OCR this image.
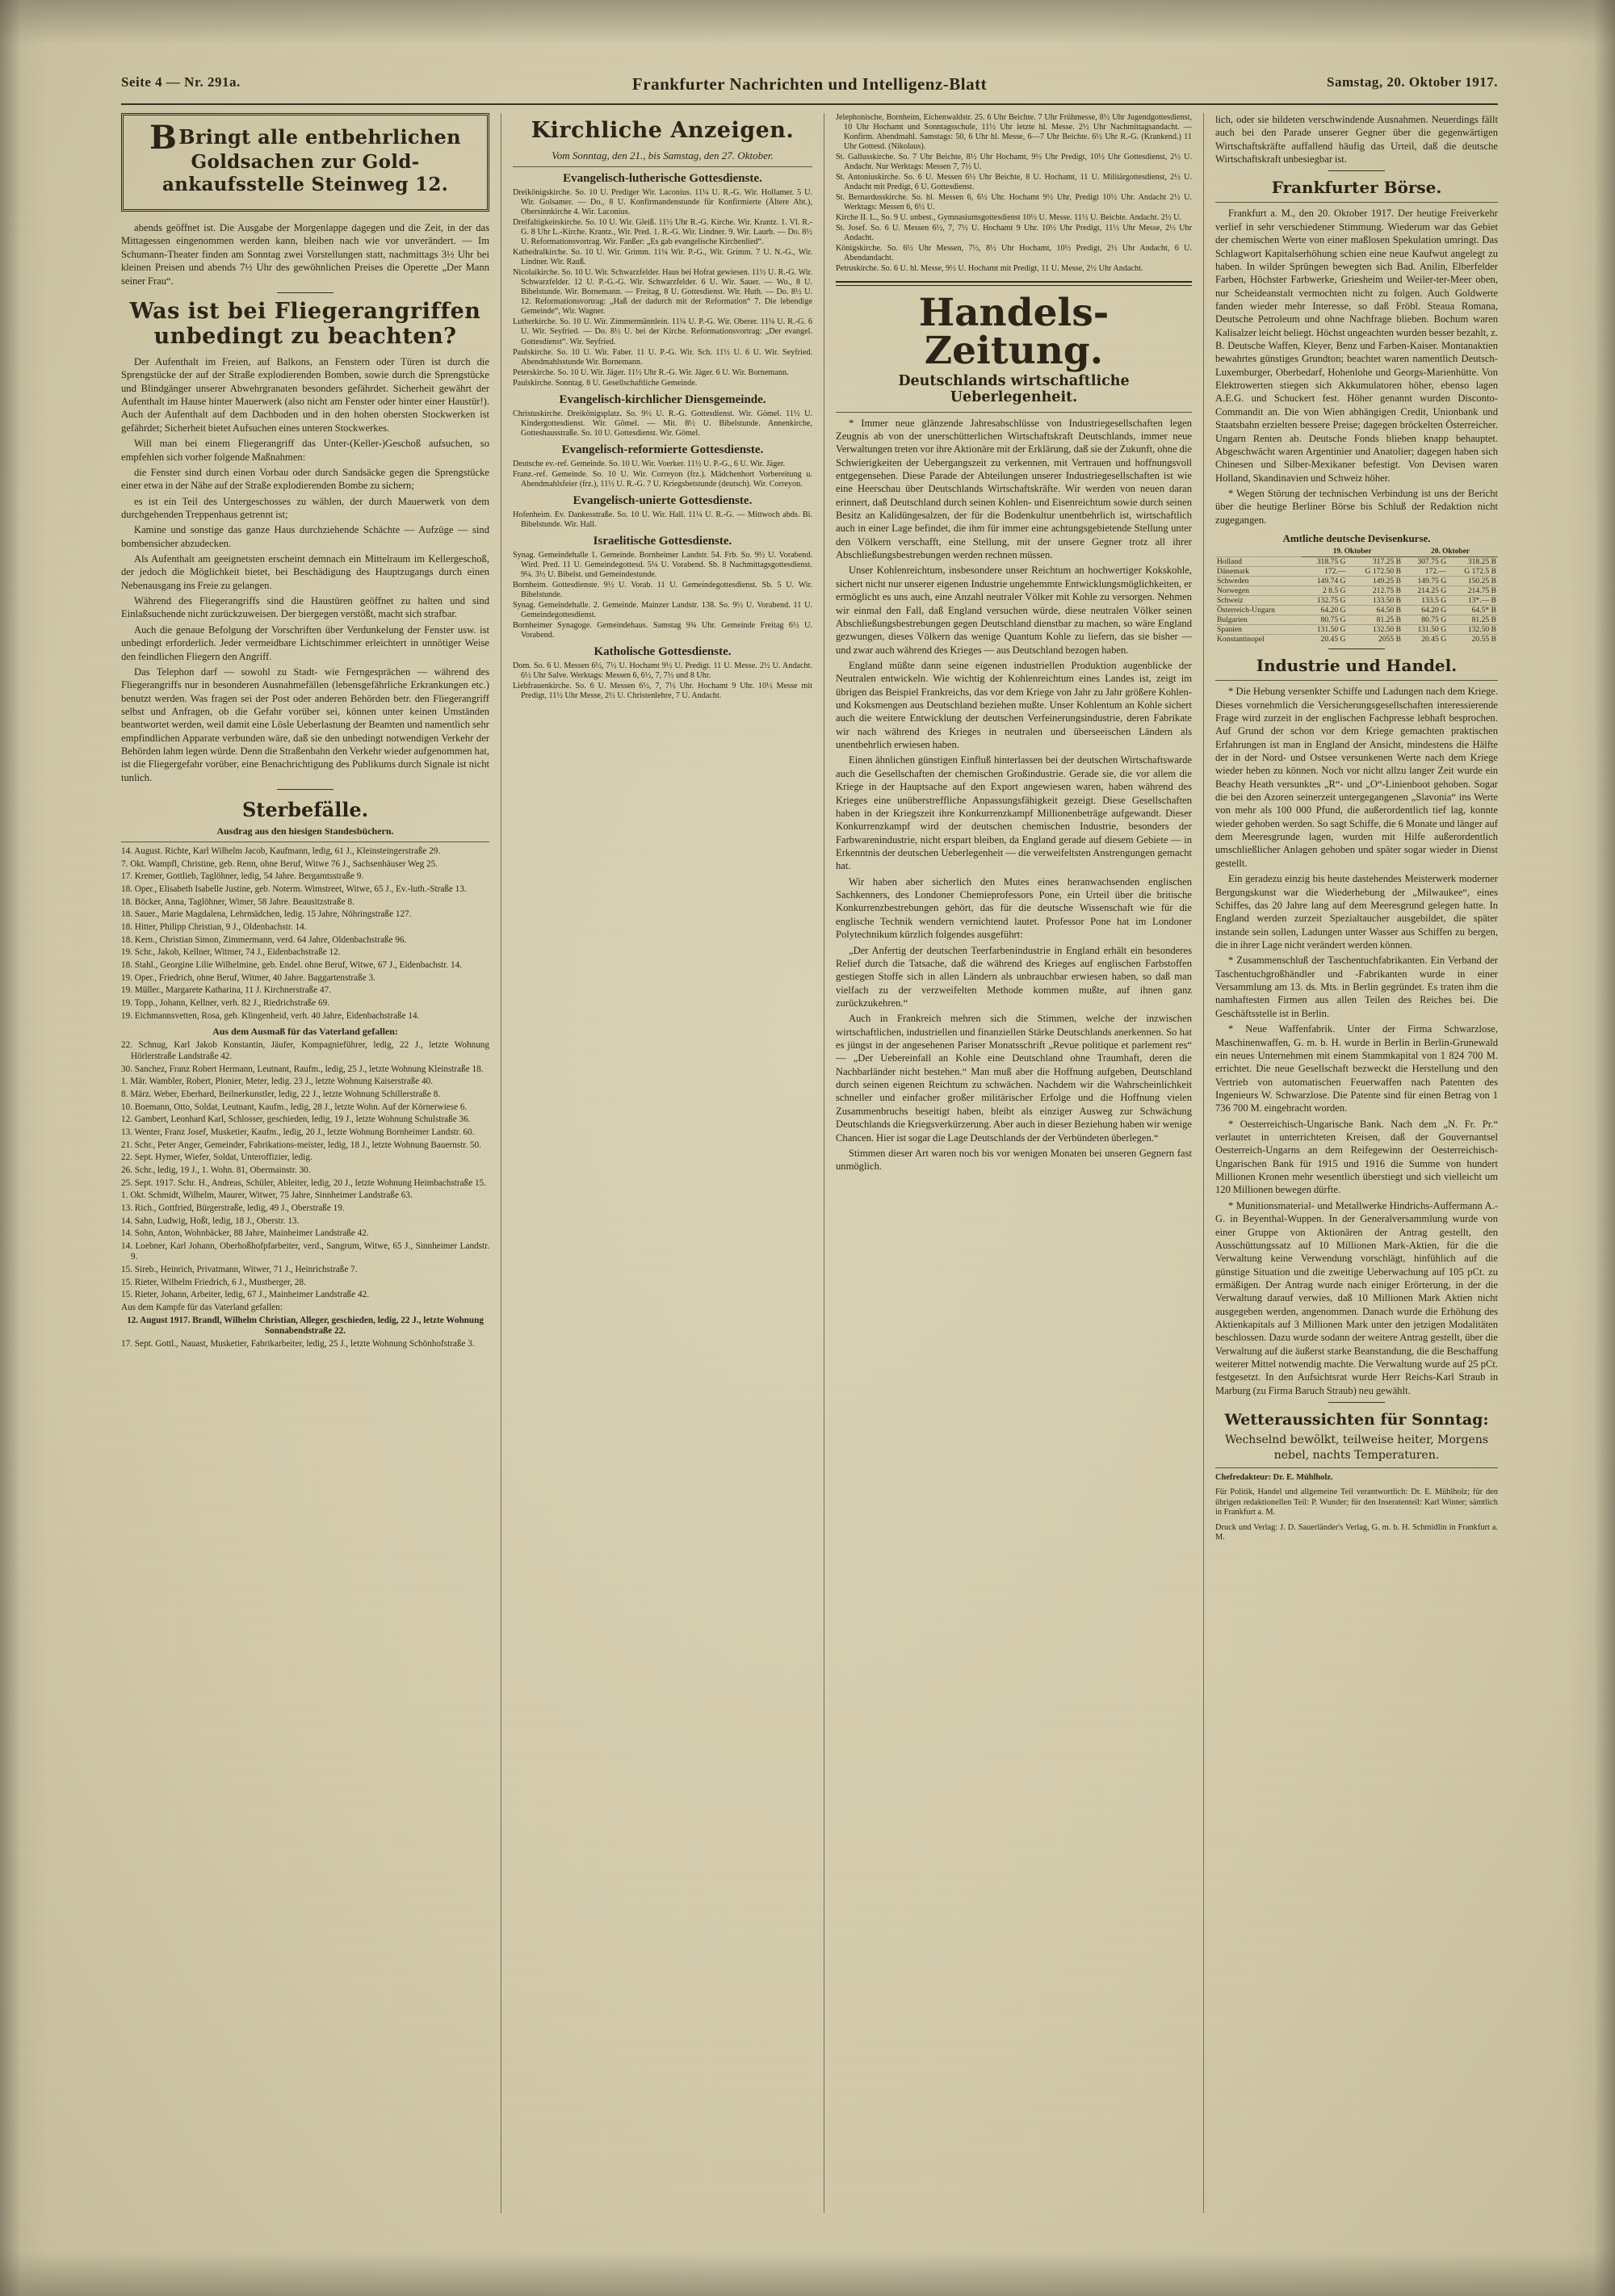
Seite 4 — Nr. 291a.	Frankfurter Nachrichten und Intelligenz-Blatt	Samstag, 20. Oktober 1917.
BBringt alle entbehrlichen
Goldsachen zur Gold-
ankaufsstelle Steinweg 12.

abends geöffnet ist. Die Ausgabe der Morgenlappe dagegen und die Zeit, in der das Mittagessen eingenommen werden kann, bleiben nach wie vor unverändert. — Im Schumann-Theater finden am Sonntag zwei Vorstellungen statt, nachmittags 3½ Uhr bei kleinen Preisen und abends 7½ Uhr des gewöhnlichen Preises die Operette „Der Mann seiner Frau“.

Was ist bei Fliegerangriffen
unbedingt zu beachten?

Der Aufenthalt im Freien, auf Balkons, an Fenstern oder Türen ist durch die Sprengstücke der auf der Straße explodierenden Bomben, sowie durch die Sprengstücke und Blindgänger unserer Abwehrgranaten besonders gefährdet. Sicherheit gewährt der Aufenthalt im Hause hinter Mauerwerk (also nicht am Fenster oder hinter einer Haustür!). Auch der Aufenthalt auf dem Dachboden und in den hohen obersten Stockwerken ist gefährdet; Sicherheit bietet Aufsuchen eines unteren Stockwerkes.

Will man bei einem Fliegerangriff das Unter-(Keller-)Geschoß aufsuchen, so empfehlen sich vorher folgende Maßnahmen:

die Fenster sind durch einen Vorbau oder durch Sandsäcke gegen die Sprengstücke einer etwa in der Nähe auf der Straße explodierenden Bombe zu sichern;

es ist ein Teil des Untergeschosses zu wählen, der durch Mauerwerk von dem durchgehenden Treppenhaus getrennt ist;

Kamine und sonstige das ganze Haus durchziehende Schächte — Aufzüge — sind bombensicher abzudecken.

Als Aufenthalt am geeignetsten erscheint demnach ein Mittelraum im Kellergeschoß, der jedoch die Möglichkeit bietet, bei Beschädigung des Hauptzugangs durch einen Nebenausgang ins Freie zu gelangen.

Während des Fliegerangriffs sind die Haustüren geöffnet zu halten und sind Einlaßsuchende nicht zurückzuweisen. Der biergegen verstößt, macht sich strafbar.

Auch die genaue Befolgung der Vorschriften über Verdunkelung der Fenster usw. ist unbedingt erforderlich. Jeder vermeidbare Lichtschimmer erleichtert in unnötiger Weise den feindlichen Fliegern den Angriff.

Das Telephon darf — sowohl zu Stadt- wie Ferngesprächen — während des Fliegerangriffs nur in besonderen Ausnahmefällen (lebensgefährliche Erkrankungen etc.) benutzt werden. Was fragen sei der Post oder anderen Behörden betr. den Fliegerangriff selbst und Anfragen, ob die Gefahr vorüber sei, können unter keinen Umständen beantwortet werden, weil damit eine Lösle Ueberlastung der Beamten und namentlich sehr empfindlichen Apparate verbunden wäre, daß sie den unbedingt notwendigen Verkehr der Behörden lahm legen würde. Denn die Straßenbahn den Verkehr wieder aufgenommen hat, ist die Fliegergefahr vorüber, eine Benachrichtigung des Publikums durch Signale ist nicht tunlich.

Sterbefälle.
Ausdrag aus den hiesigen Standesbüchern.

14. August. Richte, Karl Wilhelm Jacob, Kaufmann, ledig, 61 J., Kleinsteingerstraße 29.

7. Okt. Wampfl, Christine, geb. Renn, ohne Beruf, Witwe 76 J., Sachsenhäuser Weg 25.

17. Kremer, Gottlieb, Taglöhner, ledig, 54 Jahre. Bergamtsstraße 9.

18. Oper., Elisabeth Isabelle Justine, geb. Noterm. Wimstreet, Witwe, 65 J., Ev.-luth.-Straße 13.

18. Böcker, Anna, Taglöhner, Wimer, 58 Jahre. Beausitzstraße 8.

18. Sauer., Marie Magdalena, Lehrmädchen, ledig. 15 Jahre, Nöhringstraße 127.

18. Hitter, Philipp Christian, 9 J., Oldenbachstr. 14.

18. Kern., Christian Simon, Zimmermann, verd. 64 Jahre, Oldenbachstraße 96.

19. Schr., Jakob, Kellner, Witmer, 74 J., Eidenbachstraße 12.

18. Stahl., Georgine Lilie Wilhelmine, geb. Endel. ohne Beruf, Witwe, 67 J., Eidenbachstr. 14.

19. Oper., Friedrich, ohne Beruf, Witmer, 40 Jahre. Baggartenstraße 3.

19. Müller., Margarete Katharina, 11 J. Kirchnerstraße 47.

19. Topp., Johann, Kellner, verh. 82 J., Riedrichstraße 69.

19. Eichmannsvetten, Rosa, geb. Klingenheid, verh. 40 Jahre, Eidenbachstraße 14.

Aus dem Ausmaß für das Vaterland gefallen:

22. Schnug, Karl Jakob Konstantin, Jäufer, Kompagnieführer, ledig, 22 J., letzte Wohnung Hörlerstraße Landstraße 42.

30. Sanchez, Franz Robert Hermann, Leutnant, Raufm., ledig, 25 J., letzte Wohnung Kleinstraße 18.

1. Mär. Wambler, Robert, Plonier, Meter, ledig. 23 J., letzte Wohnung Kaiserstraße 40.

8. März. Weber, Eberhard, Beilnerkunstler, ledig, 22 J., letzte Wohnung Schillerstraße 8.

10. Boemann, Otto, Soldat, Leutnant, Kaufm., ledig, 28 J., letzte Wohn. Auf der Körnerwiese 6.

12. Gambert, Leonhard Karl, Schlosser, geschieden, ledig, 19 J., letzte Wohnung Schulstraße 36.

13. Wenter, Franz Josef, Musketier, Kaufm., ledig, 20 J., letzte Wohnung Bornheimer Landstr. 60.

21. Schr., Peter Anger, Gemeinder, Fabrikations-meister, ledig, 18 J., letzte Wohnung Bauernstr. 50.

22. Sept. Hymer, Wiefer, Soldat, Unteroffizier, ledig.

26. Schr., ledig, 19 J., 1. Wohn. 81, Obermainstr. 30.

25. Sept. 1917. Schr. H., Andreas, Schüler, Ableiter, ledig, 20 J., letzte Wohnung Heimbachstraße 15.

1. Okt. Schmidt, Wilhelm, Maurer, Witwer, 75 Jahre, Sinnheimer Landstraße 63.

13. Rich., Gottfried, Bürgerstraße, ledig, 49 J., Oberstraße 19.

14. Sahn, Ludwig, Hoßt, ledig, 18 J., Oberstr. 13.

14. Sohn, Anton, Wohnbäcker, 88 Jahre, Mainheimer Landstraße 42.

14. Loebner, Karl Johann, Oberhoßhofpfarbeiter, verd., Sangrum, Witwe, 65 J., Sinnheimer Landstr. 9.

15. Sireb., Heinrich, Privatmann, Witwer, 71 J., Heinrichstraße 7.

15. Rieter, Wilhelm Friedrich, 6 J., Mustberger, 28.

15. Rieter, Johann, Arbeiter, ledig, 67 J., Mainheimer Landstraße 42.

Aus dem Kampfe für das Vaterland gefallen:

12. August 1917. Brandl, Wilhelm Christian, Alleger, geschieden, ledig, 22 J., letzte Wohnung Sonnabendstraße 22.

17. Sept. Gottl., Nauast, Musketier, Fabrikarbeiter, ledig, 25 J., letzte Wohnung Schönhofstraße 3.

Kirchliche Anzeigen.
Vom Sonntag, den 21., bis Samstag, den 27. Oktober.
Evangelisch-lutherische Gottesdienste.

Dreikönigskirche. So. 10 U. Prediger Wir. Laconius. 11¼ U. R.-G. Wir. Hollamer. 5 U. Wir. Golsamer. — Do., 8 U. Konfirmandenstunde für Konfirmierte (Ältere Abt.), Obersinnkirche 4. Wir. Laconius.

Dreifaltigkeitskirche. So. 10 U. Wir. Gleiß. 11½ Uhr R.-G. Kirche. Wir. Krantz. 1. Vl. R.-G. 8 Uhr L.-Kirche. Krantz., Wir. Pred. 1. R.-G. Wir. Lindner. 9. Wir. Laurb. — Do. 8½ U. Reformationsvortrag. Wir. Fanßer: „Es gab evangelische Kirchenlied“.

Kathedralkirche. So. 10 U. Wir. Grimm. 11¼ Wir. P.-G., Wir. Grimm. 7 U. N.-G., Wir. Lindner. Wir. Rauß.

Nicolaikirche. So. 10 U. Wir. Schwarzfelder. Haus bei Hofrat gewiesen. 11½ U. R.-G. Wir. Schwarzfelder. 12 U. P.-G.-G. Wir. Schwarzfelder. 6 U. Wir. Sauer. — Wo., 8 U. Bibelstunde. Wir. Bornemann. — Freitag, 8 U. Gottesdienst. Wir. Huth. — Do. 8½ U. 12. Reformationsvortrag: „Haß der dadurch mit der Reformation“ 7. Die lebendige Gemeinde“, Wir. Wagner.

Lutherkirche. So. 10 U. Wir. Zimmermännlein. 11¼ U. P.-G. Wir. Oberer. 11¼ U. R.-G. 6 U. Wir. Seyfried. — Do. 8½ U. bei der Kirche. Reformationsvortrag: „Der evangel. Gottesdienst“. Wir. Seyfried.

Paulskirche. So. 10 U. Wir. Faber. 11 U. P.-G. Wir. Sch. 11½ U. 6 U. Wir. Seyfried. Abendmahlsstunde Wir. Bornemann.

Peterskirche. So. 10 U. Wir. Jäger. 11½ Uhr R.-G. Wir. Jäger. 6 U. Wir. Bornemann.

Paulskirche. Sonntag. 8 U. Gesellschaftliche Gemeinde.

Evangelisch-kirchlicher Diensgemeinde.

Christuskirche. Dreikönigsplatz. So. 9½ U. R.-G. Gottesdienst. Wir. Gömel. 11½ U. Kindergottesdienst. Wir. Gömel. — Mit. 8½ U. Bibelstunde. Annenkirche, Gotteshausstraße. So. 10 U. Gottesdienst. Wir. Gömel.

Evangelisch-reformierte Gottesdienste.

Deutsche ev.-ref. Gemeinde. So. 10 U. Wir. Voerker. 11½ U. P.-G., 6 U. Wir. Jäger.

Franz.-ref. Gemeinde. So. 10 U. Wir. Correyon (frz.). Mädchenhort Vorbereitung u. Abendmahlsfeier (frz.), 11½ U. R.-G. 7 U. Kriegsbetstunde (deutsch). Wir. Correyon.

Evangelisch-unierte Gottesdienste.

Hofenheim. Ev. Dankesstraße. So. 10 U. Wir. Hall. 11¼ U. R.-G. — Mittwoch abds. Bi. Bibelstunde. Wir. Hall.

Israelitische Gottesdienste.

Synag. Gemeindehalle 1. Gemeinde. Bornheimer Landstr. 54. Frb. So. 9½ U. Vorabend. Wird. Pred. 11 U. Gemeindegottesd. 5¼ U. Vorabend. Sb. 8 Nachmittagsgottesdienst. 9¼. 3½ U. Bibelst. und Gemeindestunde.

Bornheim. Gottesdienste. 9½ U. Vorab. 11 U. Gemeindegottesdienst. Sb. 5 U. Wir. Bibelstunde.

Synag. Gemeindehalle. 2. Gemeinde. Mainzer Landstr. 138. So. 9½ U. Vorabend. 11 U. Gemeindegottesdienst.

Bornheimer Synagoge. Gemeindehaus. Samstag 9¾ Uhr. Gemeinde Freitag 6½ U. Vorabend.

Katholische Gottesdienste.

Dom. So. 6 U. Messen 6½, 7½ U. Hochamt 9½ U. Predigt. 11 U. Messe. 2½ U. Andacht. 6½ Uhr Salve. Werktags: Messen 6, 6½, 7, 7½ und 8 Uhr.

Liebfrauenkirche. So. 6 U. Messen 6½, 7, 7½ Uhr. Hochamt 9 Uhr. 10½ Messe mit Predigt, 11½ Uhr Messe, 2½ U. Christenlehre, 7 U. Andacht.

Jelephonische, Bornheim, Eichenwaldstr. 25. 6 Uhr Beichte. 7 Uhr Frühmesse, 8½ Uhr Jugendgottesdienst, 10 Uhr Hochamt und Sonntagsschule, 11½ Uhr letzte hl. Messe. 2½ Uhr Nachmittagsandacht. — Konfirm. Abendmahl. Samstags: 50, 6 Uhr hl. Messe, 6—7 Uhr Beichte. 6½ Uhr R.-G. (Krankend.) 11 Uhr Gottesd. (Nikolaus).

St. Gallusskirche. So. 7 Uhr Beichte, 8½ Uhr Hochamt, 9½ Uhr Predigt, 10½ Uhr Gottesdienst, 2½ U. Andacht. Nur Werktags: Messen 7, 7½ U.

St. Antoniuskirche. So. 6 U. Messen 6½ Uhr Beichte, 8 U. Hochamt, 11 U. Militärgottesdienst, 2½ U. Andacht mit Predigt, 6 U. Gottesdienst.

St. Bernardusskirche. So. hl. Messen 6, 6½ Uhr. Hochamt 9½ Uhr, Predigt 10½ Uhr. Andacht 2½ U. Werktags: Messen 6, 6½ U.

Kirche II. L., So. 9 U. unbest., Gymnasiumsgottesdienst 10½ U. Messe. 11½ U. Beichte. Andacht. 2½ U.

St. Josef. So. 6 U. Messen 6½, 7, 7½ U. Hochamt 9 Uhr. 10½ Uhr Predigt, 11½ Uhr Messe, 2½ Uhr Andacht.

Königskirche. So. 6½ Uhr Messen, 7½, 8½ Uhr Hochamt, 10½ Predigt, 2½ Uhr Andacht, 6 U. Abendandacht.

Petruskirche. So. 6 U. hl. Messe, 9½ U. Hochamt mit Predigt, 11 U. Messe, 2½ Uhr Andacht.

Handels-Zeitung.
Deutschlands wirtschaftliche Ueberlegenheit.

* Immer neue glänzende Jahresabschlüsse von Industriegesellschaften legen Zeugnis ab von der unerschütterlichen Wirtschaftskraft Deutschlands, immer neue Verwaltungen treten vor ihre Aktionäre mit der Erklärung, daß sie der Zukunft, ohne die Schwierigkeiten der Uebergangszeit zu verkennen, mit Vertrauen und hoffnungsvoll entgegensehen. Diese Parade der Abteilungen unserer Industriegesellschaften ist wie eine Heerschau über Deutschlands Wirtschaftskräfte. Wir werden von neuen daran erinnert, daß Deutschland durch seinen Kohlen- und Eisenreichtum sowie durch seinen Besitz an Kalidüngesalzen, der für die Bodenkultur unentbehrlich ist, wirtschaftlich auch in einer Lage befindet, die ihm für immer eine achtungsgebietende Stellung unter den Völkern verschafft, eine Stellung, mit der unsere Gegner trotz all ihrer Abschließungsbestrebungen werden rechnen müssen.

Unser Kohlenreichtum, insbesondere unser Reichtum an hochwertiger Kokskohle, sichert nicht nur unserer eigenen Industrie ungehemmte Entwicklungsmöglichkeiten, er ermöglicht es uns auch, eine Anzahl neutraler Völker mit Kohle zu versorgen. Nehmen wir einmal den Fall, daß England versuchen würde, diese neutralen Völker seinen Abschließungsbestrebungen gegen Deutschland dienstbar zu machen, so wäre England gezwungen, dieses Völkern das wenige Quantum Kohle zu liefern, das sie bisher — und zwar auch während des Krieges — aus Deutschland bezogen haben.

England müßte dann seine eigenen industriellen Produktion augenblicke der Neutralen entwickeln. Wie wichtig der Kohlenreichtum eines Landes ist, zeigt im übrigen das Beispiel Frankreichs, das vor dem Kriege von Jahr zu Jahr größere Kohlen- und Koksmengen aus Deutschland beziehen mußte. Unser Kohlentum an Kohle sichert auch die weitere Entwicklung der deutschen Verfeinerungsindustrie, deren Fabrikate wir nach während des Krieges in neutralen und überseeischen Ländern als unentbehrlich erwiesen haben.

Einen ähnlichen günstigen Einfluß hinterlassen bei der deutschen Wirtschaftswarde auch die Gesellschaften der chemischen Großindustrie. Gerade sie, die vor allem die Kriege in der Hauptsache auf den Export angewiesen waren, haben während des Krieges eine unüberstreffliche Anpassungsfähigkeit gezeigt. Diese Gesellschaften haben in der Kriegszeit ihre Konkurrenzkampf Millionenbeträge aufgewandt. Dieser Konkurrenzkampf wird der deutschen chemischen Industrie, besonders der Farbwarenindustrie, nicht erspart bleiben, da England gerade auf diesem Gebiete — in Erkenntnis der deutschen Ueberlegenheit — die verweifeltsten Anstrengungen gemacht hat.

Wir haben aber sicherlich den Mutes eines heranwachsenden englischen Sachkenners, des Londoner Chemieprofessors Pone, ein Urteil über die britische Konkurrenzbestrebungen gehört, das für die deutsche Wissenschaft wie für die englische Technik wendern vernichtend lautet. Professor Pone hat im Londoner Polytechnikum kürzlich folgendes ausgeführt:

„Der Anfertig der deutschen Teerfarbenindustrie in England erhält ein besonderes Relief durch die Tatsache, daß die während des Krieges auf englischen Farbstoffen gestiegen Stoffe sich in allen Ländern als unbrauchbar erwiesen haben, so daß man vielfach zu der verzweifelten Methode kommen mußte, auf ihnen ganz zurückzukehren.“

Auch in Frankreich mehren sich die Stimmen, welche der inzwischen wirtschaftlichen, industriellen und finanziellen Stärke Deutschlands anerkennen. So hat es jüngst in der angesehenen Pariser Monatsschrift „Revue politique et parlement res“ — „Der Uebereinfall an Kohle eine Deutschland ohne Traumhaft, deren die Nachbarländer nicht bestehen.“ Man muß aber die Hoffnung aufgeben, Deutschland durch seinen eigenen Reichtum zu schwächen. Nachdem wir die Wahrscheinlichkeit schneller und einfacher großer militärischer Erfolge und die Hoffnung vielen Zusammenbruchs beseitigt haben, bleibt als einziger Ausweg zur Schwächung Deutschlands die Kriegsverkürzerung. Aber auch in dieser Beziehung haben wir wenige Chancen. Hier ist sogar die Lage Deutschlands der der Verbündeten überlegen.“

Stimmen dieser Art waren noch bis vor wenigen Monaten bei unseren Gegnern fast unmöglich.

lich, oder sie bildeten verschwindende Ausnahmen. Neuerdings fällt auch bei den Parade unserer Gegner über die gegenwärtigen Wirtschaftskräfte auffallend häufig das Urteil, daß die deutsche Wirtschaftskraft unbesiegbar ist.

Frankfurter Börse.

Frankfurt a. M., den 20. Oktober 1917. Der heutige Freiverkehr verlief in sehr verschiedener Stimmung. Wiederum war das Gebiet der chemischen Werte von einer maßlosen Spekulation umringt. Das Schlagwort Kapitalserhöhung schien eine neue Kaufwut angelegt zu haben. In wilder Sprüngen bewegten sich Bad. Anilin, Elberfelder Farben, Höchster Farbwerke, Griesheim und Weiler-ter-Meer oben, nur Scheideanstalt vermochten nicht zu folgen. Auch Goldwerte fanden wieder mehr Interesse, so daß Fröbl. Steaua Romana, Deutsche Petroleum und ohne Nachfrage blieben. Bochum waren Kalisalzer leicht beliegt. Höchst ungeachten wurden besser bezahlt, z. B. Deutsche Waffen, Kleyer, Benz und Farben-Kaiser. Montanaktien bewahrtes günstiges Grundton; beachtet waren namentlich Deutsch-Luxemburger, Oberbedarf, Hohenlohe und Georgs-Marienhütte. Von Elektrowerten stiegen sich Akkumulatoren höher, ebenso lagen A.E.G. und Schuckert fest. Höher genannt wurden Discontо-Commandit an. Die von Wien abhängigen Credit, Unionbank und Staatsbahn erzielten bessere Preise; dagegen bröckelten Österreicher. Ungarn Renten ab. Deutsche Fonds blieben knapp behauptet. Abgeschwächt waren Argentinier und Anatolier; dagegen haben sich Chinesen und Silber-Mexikaner befestigt. Von Devisen waren Holland, Skandinavien und Schweiz höher.

* Wegen Störung der technischen Verbindung ist uns der Bericht über die heutige Berliner Börse bis Schluß der Redaktion nicht zugegangen.

Amtliche deutsche Devisenkurse.
	19. Oktober		20. Oktober	
Holland	318.75 G	317.25 B	307.75 G	318.25 B
Dänemark	172.—	G 172.50 B	172.—	G 172.5 B
Schweden	149.74 G	149.25 B	149.75 G	150.25 B
Norwegen	2 8.5 G	212.75 B	214.25 G	214.75 B
Schweiz	132.75 G	133.50 B	133.5 G	13*.— B
Österreich-Ungarn	64.20 G	64.50 B	64.20 G	64.5* B
Bulgarien	80.75 G	81.25 B	80.75 G	81.25 B
Spanien	131.50 G	132.50 B	131.50 G	132.50 B
Konstantinopel	20.45 G	2055 B	20.45 G	20.55 B
Industrie und Handel.

* Die Hebung versenkter Schiffe und Ladungen nach dem Kriege. Dieses vornehmlich die Versicherungsgesellschaften interessierende Frage wird zurzeit in der englischen Fachpresse lebhaft besprochen. Auf Grund der schon vor dem Kriege gemachten praktischen Erfahrungen ist man in England der Ansicht, mindestens die Hälfte der in der Nord- und Ostsee versunkenen Werte nach dem Kriege wieder heben zu können. Noch vor nicht allzu langer Zeit wurde ein Beachy Heath versunktes „R“- und „O“-Linienboot gehoben. Sogar die bei den Azoren seinerzeit untergegangenen „Slavonia“ ins Werte von mehr als 100 000 Pfund, die außerordentlich tief lag, konnte wieder gehoben werden. So sagt Schiffe, die 6 Monate und länger auf dem Meeresgrunde lagen, wurden mit Hilfe außerordentlich umschließlicher Anlagen gehoben und später sogar wieder in Dienst gestellt.

Ein geradezu einzig bis heute dastehendes Meisterwerk moderner Bergungskunst war die Wiederhebung der „Milwaukee“, eines Schiffes, das 20 Jahre lang auf dem Meeresgrund gelegen hatte. In England werden zurzeit Spezialtaucher ausgebildet, die später instande sein sollen, Ladungen unter Wasser aus Schiffen zu bergen, die in ihrer Lage nicht verändert werden können.

* Zusammenschluß der Taschentuchfabrikanten. Ein Verband der Taschentuchgroßhändler und -Fabrikanten wurde in einer Versammlung am 13. ds. Mts. in Berlin gegründet. Es traten ihm die namhaftesten Firmen aus allen Teilen des Reiches bei. Die Geschäftsstelle ist in Berlin.

* Neue Waffenfabrik. Unter der Firma Schwarzlose, Maschinenwaffen, G. m. b. H. wurde in Berlin in Berlin-Grunewald ein neues Unternehmen mit einem Stammkapital von 1 824 700 M. errichtet. Die neue Gesellschaft bezweckt die Herstellung und den Vertrieb von automatischen Feuerwaffen nach Patenten des Ingenieurs W. Schwarzlose. Die Patente sind für einen Betrag von 1 736 700 M. eingebracht worden.

* Oesterreichisch-Ungarische Bank. Nach dem „N. Fr. Pr.“ verlautet in unterrichteten Kreisen, daß der Gouvernantsel Oesterreich-Ungarns an dem Reifegewinn der Oesterreichisch-Ungarischen Bank für 1915 und 1916 die Summe von hundert Millionen Kronen mehr wesentlich überstiegt und sich vielleicht um 120 Millionen bewegen dürfte.

* Munitionsmaterial- und Metallwerke Hindrichs-Auffermann A.-G. in Beyenthal-Wuppen. In der Generalversammlung wurde von einer Gruppe von Aktionären der Antrag gestellt, den Ausschüttungssatz auf 10 Millionen Mark-Aktien, für die die Verwaltung keine Verwendung vorschlägt, hinfühlich auf die günstige Situation und die zweitige Ueberwachung auf 105 pCt. zu ermäßigen. Der Antrag wurde nach einiger Erörterung, in der die Verwaltung darauf verwies, daß 10 Millionen Mark Aktien nicht ausgegeben werden, angenommen. Danach wurde die Erhöhung des Aktienkapitals auf 3 Millionen Mark unter den jetzigen Modalitäten beschlossen. Dazu wurde sodann der weitere Antrag gestellt, über die Verwaltung auf die äußerst starke Beanstandung, die die Beschaffung weiterer Mittel notwendig machte. Die Verwaltung wurde auf 25 pCt. festgesetzt. In den Aufsichtsrat wurde Herr Reichs-Karl Straub in Marburg (zu Firma Baruch Straub) neu gewählt.

Wetteraussichten für Sonntag:
Wechselnd bewölkt, teilweise heiter, Morgens nebel, nachts Temperaturen.
Chefredakteur: Dr. E. Mühlholz.
Für Politik, Handel und allgemeine Teil verantwortlich: Dr. E. Mühlholz; für den übrigen redaktionellen Teil: P. Wunder; für den Inseratenteil: Karl Winter; sämtlich in Frankfurt a. M.
Druck und Verlag: J. D. Sauerländer's Verlag, G. m. b. H. Schmidlin in Frankfurt a. M.
